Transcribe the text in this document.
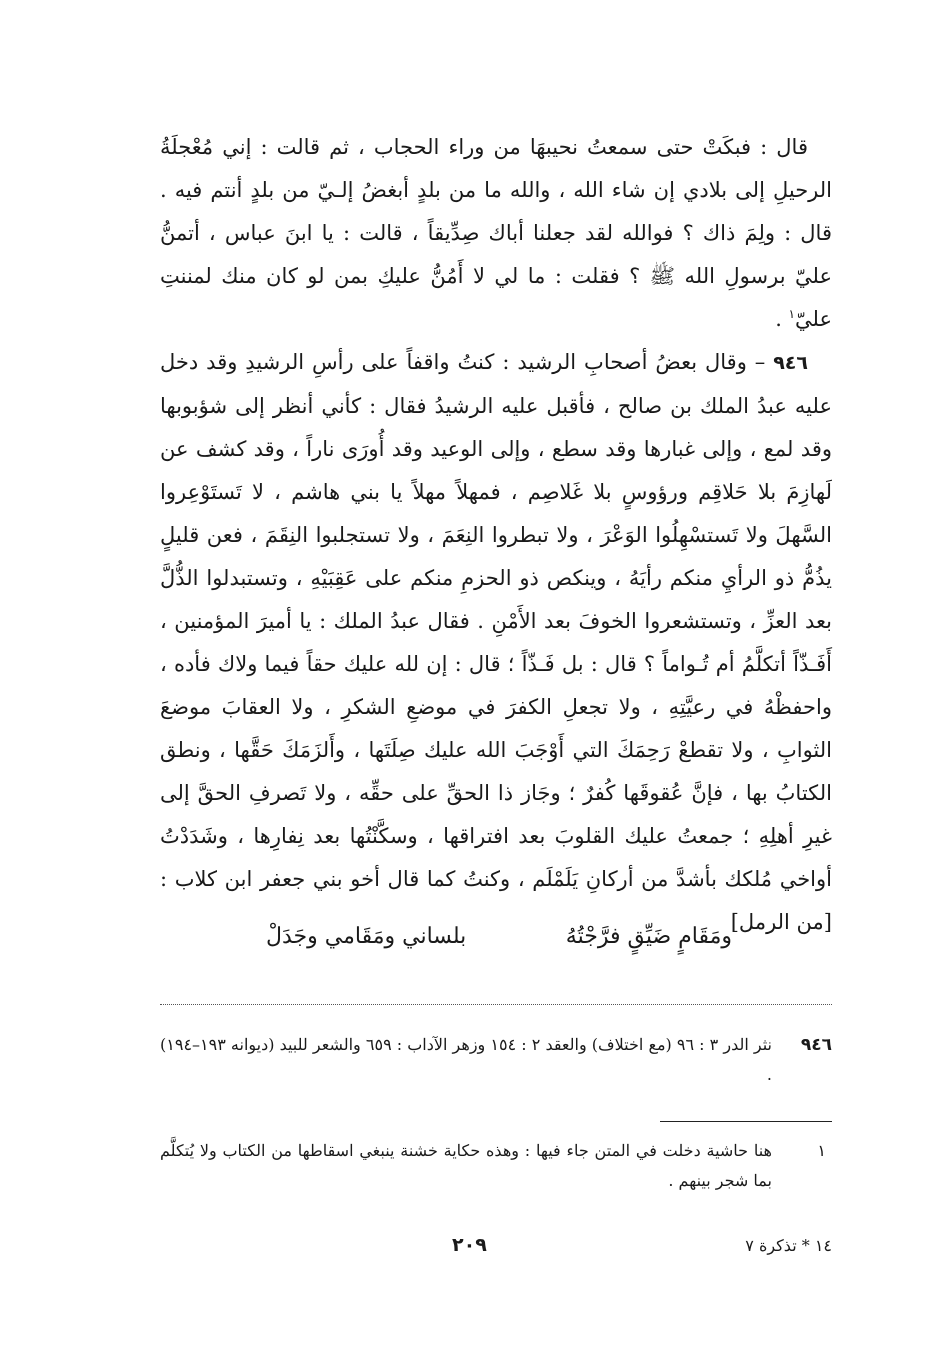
قال : فبكَتْ حتى سمعتُ نحيبهَا من وراء الحجاب ، ثم قالت : إني مُعْجلَةُ الرحيلِ إلى بلادي إن شاء الله ، والله ما من بلدٍ أبغضُ إلـيّ من بلدٍ أنتم فيه . قال : ولِمَ ذاك ؟ فوالله لقد جعلنا أباك صِدِّيقاً ، قالت : يا ابنَ عباس ، أتمنُّ عليّ برسولِ الله ﷺ ؟ فقلت : ما لي لا أَمُنُّ عليكِ بمن لو كان منك لمننتِ عليّ$^١$ .

٩٤٦ – وقال بعضُ أصحابِ الرشيد : كنتُ واقفاً على رأسِ الرشيدِ وقد دخل عليه عبدُ الملك بن صالح ، فأقبل عليه الرشيدُ فقال : كأني أنظر إلى شؤبوبها وقد لمع ، وإلى غبارها وقد سطع ، وإلى الوعيد وقد أُورَى ناراً ، وقد كشف عن لَهازِمَ بلا حَلاقِم ورؤوسٍ بلا غَلاصِم ، فمهلاً مهلاً يا بني هاشم ، لا تَستَوْعِروا السَّهلَ ولا تَستسْهِلُوا الوَعْرَ ، ولا تبطروا النِعَمَ ، ولا تستجلبوا النِقَمَ ، فعن قليلٍ يذُمُّ ذو الرأيِ منكم رأيَهُ ، وينكص ذو الحزمِ منكم على عَقِبَيْهِ ، وتستبدلوا الذُّلَّ بعد العزِّ ، وتستشعروا الخوفَ بعد الأَمْنِ . فقال عبدُ الملك : يا أميرَ المؤمنين ، أَفَـذّاً أتكلَّمُ أم تُـواماً ؟ قال : بل فَـذّاً ؛ قال : إن لله عليك حقاً فيما ولاك فأده ، واحفظْهُ في رعيَّتِهِ ، ولا تجعلِ الكفرَ في موضعِ الشكرِ ، ولا العقابَ موضعَ الثوابِ ، ولا تقطعْ رَحِمَكَ التي أَوْجَبَ الله عليك صِلَتَها ، وأَلزَمَكَ حَقَّها ، ونطق الكتابُ بها ، فإنَّ عُقوقَها كُفرٌ ؛ وجَاز ذا الحقِّ على حقِّه ، ولا تَصرفِ الحقَّ إلى غيرِ أهلِهِ ؛ جمعتُ عليك القلوبَ بعد افتراقها ، وسكَّنْتُها بعد نِفارِها ، وشَدَدْتُ أواخي مُلكك بأشدَّ من أركانِ يَلَمْلَم ، وكنتُ كما قال أخو بني جعفر ابن كلاب : [من الرمل]

ومَقَامٍ ضَيِّقٍ فرَّجْتُهُ
بلساني ومَقَامي وجَدَلْ
٩٤٦
نثر الدر ٣ : ٩٦ (مع اختلاف) والعقد ٢ : ١٥٤ وزهر الآداب : ٦٥٩ والشعر للبيد (ديوانه ١٩٣–١٩٤) .
١
هنا حاشية دخلت في المتن جاء فيها : وهذه حكاية خشنة ينبغي اسقاطها من الكتاب ولا يُتكلَّم بما شجر بينهم .
٢٠٩	١٤ * تذكرة ٧
